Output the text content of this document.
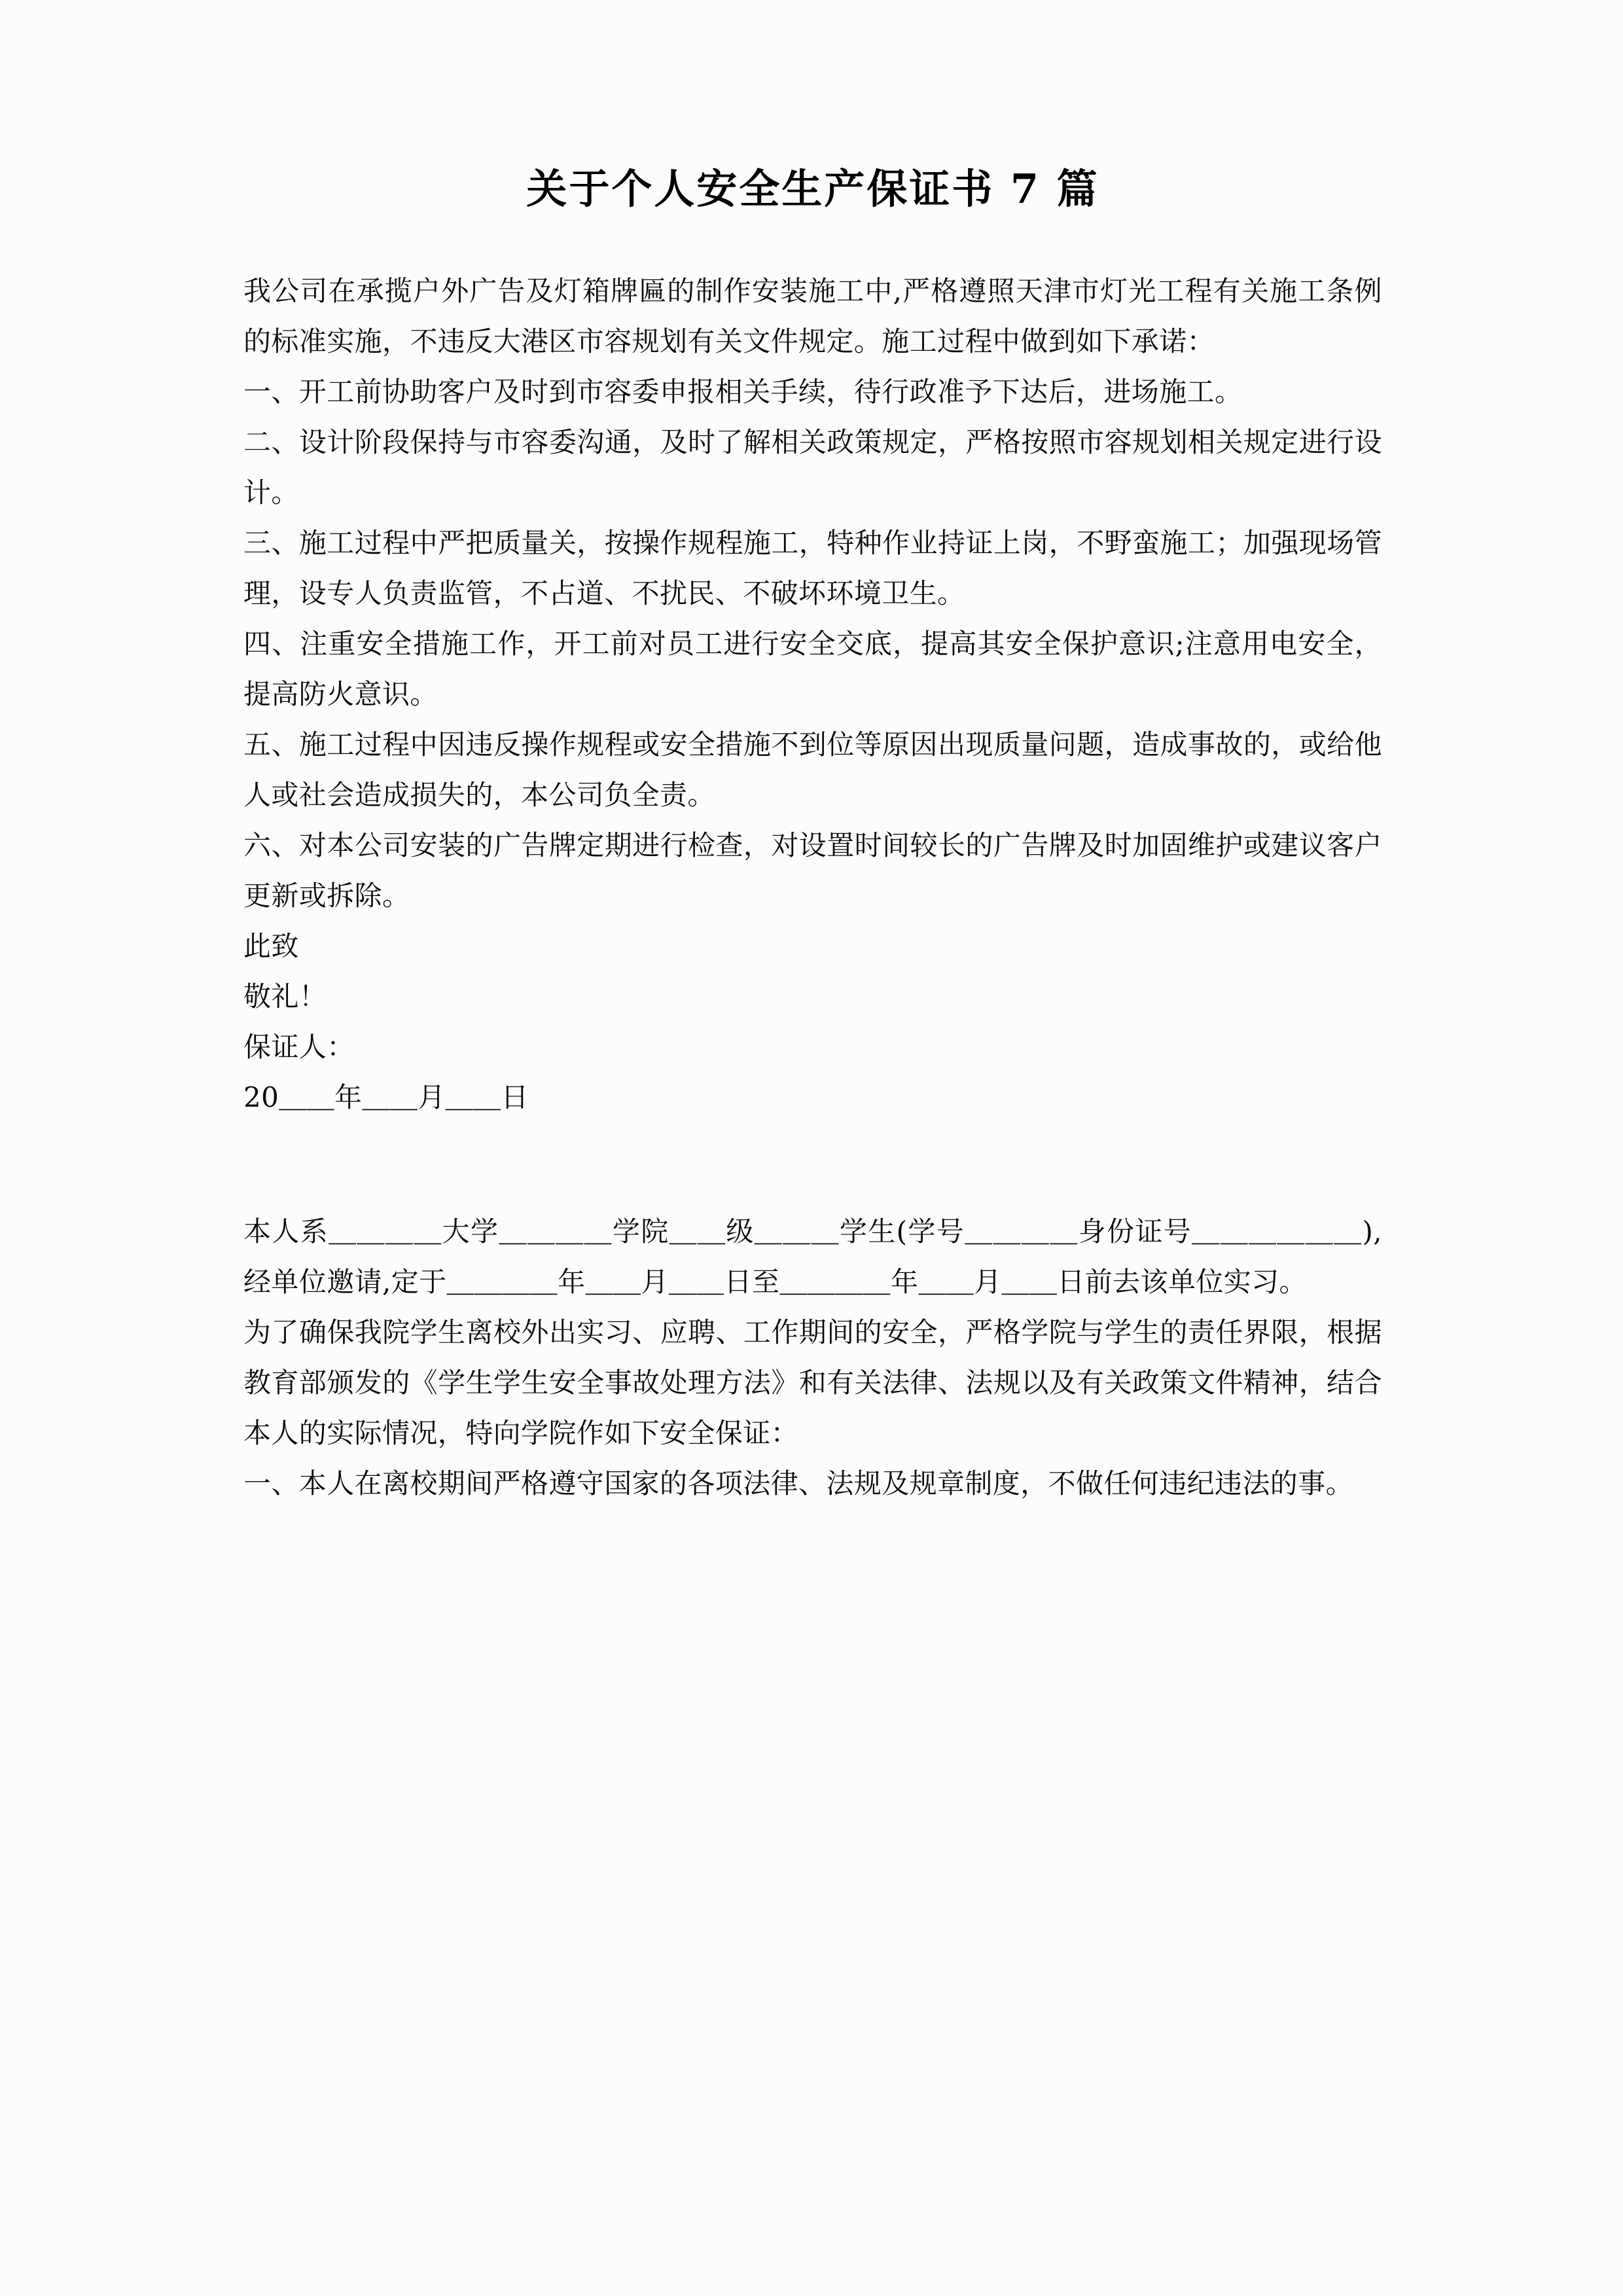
关于个人安全生产保证书 7 篇

我公司在承揽户外广告及灯箱牌匾的制作安装施工中,严格遵照天津市灯光工程有关施工条例的标准实施，不违反大港区市容规划有关文件规定。施工过程中做到如下承诺：

一、开工前协助客户及时到市容委申报相关手续，待行政准予下达后，进场施工。

二、设计阶段保持与市容委沟通，及时了解相关政策规定，严格按照市容规划相关规定进行设计。

三、施工过程中严把质量关，按操作规程施工，特种作业持证上岗，不野蛮施工；加强现场管理，设专人负责监管，不占道、不扰民、不破坏环境卫生。

四、注重安全措施工作，开工前对员工进行安全交底，提高其安全保护意识;注意用电安全，提高防火意识。

五、施工过程中因违反操作规程或安全措施不到位等原因出现质量问题，造成事故的，或给他人或社会造成损失的，本公司负全责。

六、对本公司安装的广告牌定期进行检查，对设置时间较长的广告牌及时加固维护或建议客户更新或拆除。

此致

敬礼！

保证人：

20＿＿年＿＿月＿＿日

本人系＿＿＿＿大学＿＿＿＿学院＿＿级＿＿＿学生(学号＿＿＿＿身份证号＿＿＿＿＿＿),经单位邀请,定于＿＿＿＿年＿＿月＿＿日至＿＿＿＿年＿＿月＿＿日前去该单位实习。

为了确保我院学生离校外出实习、应聘、工作期间的安全，严格学院与学生的责任界限，根据教育部颁发的《学生学生安全事故处理方法》和有关法律、法规以及有关政策文件精神，结合本人的实际情况，特向学院作如下安全保证：

一、本人在离校期间严格遵守国家的各项法律、法规及规章制度，不做任何违纪违法的事。
